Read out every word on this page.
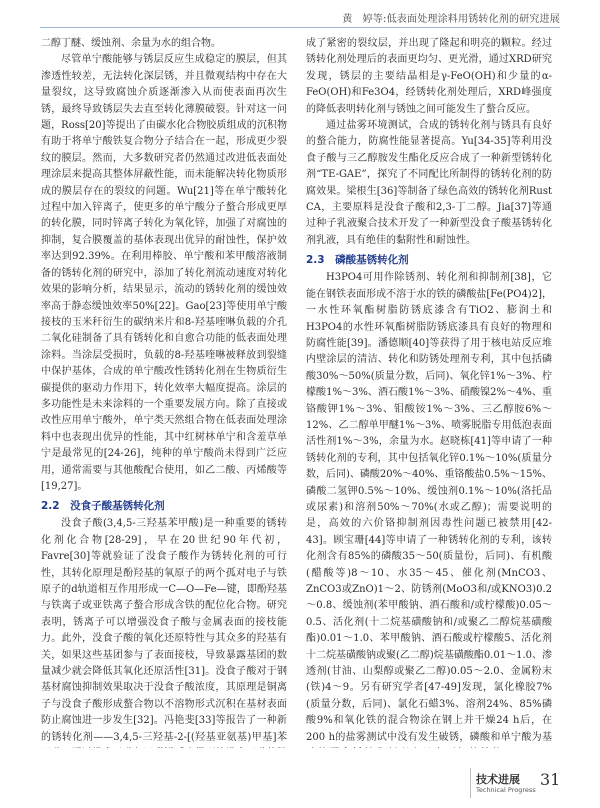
黄　婷等:低表面处理涂料用锈转化剂的研究进展

二醇丁醚、缓蚀剂、余量为水的组合物。

尽管单宁酸能够与锈层反应生成稳定的膜层，但其渗透性较差，无法转化深层锈，并且微观结构中存在大量裂纹，这导致腐蚀介质逐渐渗入从而使表面再次生锈，最终导致锈层失去直至转化薄膜破裂。针对这一问题，Ross[20]等提出了由碳水化合物胶质组成的沉积物有助于将单宁酸铁复合物分子结合在一起，形成更少裂纹的膜层。然而，大多数研究者仍然通过改进低表面处理涂层来提高其整体屏蔽性能，而未能解决转化物质形成的膜层存在的裂纹的问题。Wu[21]等在单宁酸转化过程中加入锌离子，使更多的单宁酸分子螯合形成更厚的转化膜，同时锌离子转化为氧化锌，加强了对腐蚀的抑制，复合膜覆盖的基体表现出优异的耐蚀性，保护效率达到92.39%。在利用棒胶、单宁酸和苯甲酸溶液制备的锈转化剂的研究中，添加了转化剂流动速度对转化效果的影响分析，结果显示，流动的锈转化剂的缓蚀效率高于静态缓蚀效率50%[22]。Gao[23]等使用单宁酸接枝的玉米秆衍生的碳纳米片和8-羟基喹啉负载的介孔二氧化硅制备了具有锈转化和自愈合功能的低表面处理涂料。当涂层受损时，负载的8-羟基喹啉被释放到裂缝中保护基体，合成的单宁酸改性锈转化剂在生物质衍生碳提供的驱动力作用下，转化效率大幅度提高。涂层的多功能性是未来涂料的一个重要发展方向。除了直接或改性应用单宁酸外，单宁类天然组合物在低表面处理涂料中也表现出优异的性能，其中红树林单宁和含羞草单宁是最常见的[24-26]，纯种的单宁酸尚未得到广泛应用，通常需要与其他酸配合使用，如乙二酸、丙烯酸等[19,27]。

2.2　没食子酸基锈转化剂

没食子酸(3,4,5-三羟基苯甲酸)是一种重要的锈转化剂化合物[28-29]，早在20世纪90年代初，Favre[30]等就验证了没食子酸作为锈转化剂的可行性，其转化原理是酚羟基的氧原子的两个孤对电子与铁原子的d轨道相互作用形成一C—O—Fe—键，即酚羟基与铁离子或亚铁离子螯合形成含铁的配位化合物。研究表明，锈离子可以增强没食子酸与金属表面的接枝能力。此外，没食子酸的氧化还原特性与其众多的羟基有关，如果这些基团参与了表面接枝，导致暴露基团的数量减少就会降低其氧化还原活性[31]。没食子酸对于钢基材腐蚀抑制效果取决于没食子酸浓度，其原理是铜离子与没食子酸形成螯合物以不溶物形式沉积在基材表面防止腐蚀进一步发生[32]。冯艳斐[33]等报告了一种新的锈转化剂——3,4,5-三羟基-2-[(羟基亚氨基)甲基]苯

成了紧密的裂纹层，并出现了隆起和明亮的颗粒。经过锈转化剂处理后的表面更均匀、更光滑，通过XRD研究发现，锈层的主要结晶相是γ-FeO(OH)和少量的α-FeO(OH)和Fe3O4，经锈转化剂处理后，XRD峰强度的降低表明转化剂与锈蚀之间可能发生了螯合反应。

通过盐雾环境测试，合成的锈转化剂与锈具有良好的螯合能力，防腐性能显著提高。Yu[34-35]等利用没食子酸与三乙醇胺发生酯化反应合成了一种新型锈转化剂“TE-GAE”，探究了不同配比所制得的锈转化剂的防腐效果。梁根生[36]等制备了绿色高效的锈转化剂Rust CA，主要原料是没食子酸和2,3-丁二醇。Jia[37]等通过种子乳液聚合技术开发了一种新型没食子酸基锈转化剂乳液，具有绝佳的黏附性和耐蚀性。

2.3　磷酸基锈转化剂

H3PO4可用作除锈剂、转化剂和抑制剂[38]，它能在钢铁表面形成不溶于水的铁的磷酸盐[Fe(PO4)2]，一水性环氧酯树脂防锈底漆含有TiO2、膨润土和H3PO4的水性环氧酯树脂防锈底漆具有良好的物理和防腐性能[39]。潘德顺[40]等获得了用于核电站反应堆内壁涂层的清洁、转化和防锈处理剂专利，其中包括磷酸30%～50%(质量分数，后同)、氧化锌1%～3%、柠檬酸1%～3%、酒石酸1%～3%、硝酸镍2%～4%、重铬酸钾1%～3%、钼酸铵1%～3%、三乙醇胺6%～12%、乙二醇单甲醚1%～3%、喷雾脱脂专用低泡表面活性剂1%～3%，余量为水。赵晓栋[41]等申请了一种锈转化剂的专利，其中包括氧化锌0.1%～10%(质量分数，后同)、磷酸20%～40%、重铬酸盐0.5%～15%、磷酸二氢钾0.5%～10%、缓蚀剂0.1%～10%(洛托品或尿素)和溶剂50%～70%(水或乙醇)；需要说明的是，高效的六价铬抑制剂因毒性问题已被禁用[42-43]。顾宝珊[44]等申请了一种锈转化剂的专利，该转化剂含有85%的磷酸35～50(质量份，后同)、有机酸(醋酸等)8～10、水35～45、催化剂(MnCO3、ZnCO3或ZnO)1～2、防锈剂(MoO3和/或KNO3)0.2～0.8、缓蚀剂(苯甲酸钠、酒石酸和/或柠檬酸)0.05～0.5、活化剂(十二烷基磺酸钠和/或聚乙二醇烷基磺酸酯)0.01～1.0、苯甲酸钠、酒石酸或柠檬酸5、活化剂十二烷基磺酸钠或聚(乙二醇)烷基磺酸酯0.01～1.0、渗透剂(甘油、山梨醇或聚乙二醇)0.05～2.0、金属粉末(铁)4～9。另有研究学者[47-49]发现，氯化橡胶7%(质量分数，后同)、氯化石蜡3%、溶剂24%、85%磷酸9%和氧化铁的混合物涂在钢上并干燥24 h后，在200 h的盐雾测试中没有发生破锈，磷酸和单宁酸为基

技术进展
Technical Progress
31
